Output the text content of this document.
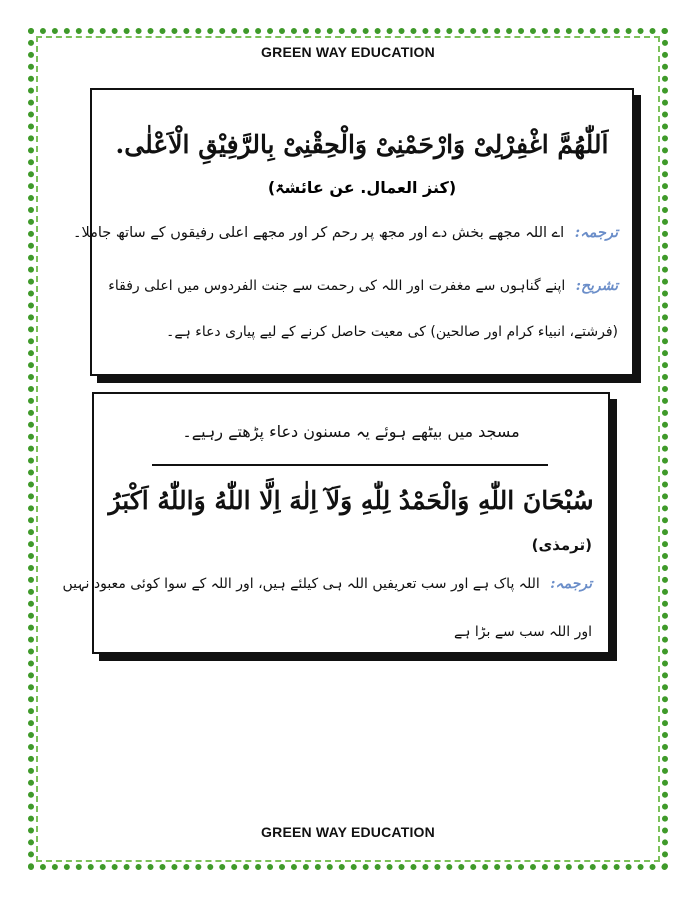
GREEN WAY EDUCATION
اَللّٰهُمَّ اغْفِرْلِیْ وَارْحَمْنِیْ وَالْحِقْنِیْ بِالرَّفِیْقِ الْاَعْلٰی.
(کنز العمال. عن عائشۃ)
ترجمہ: اے اللہ مجھے بخش دے اور مجھ پر رحم کر اور مجھے اعلی رفیقوں کے ساتھ جاملا۔
تشریح: اپنے گناہوں سے مغفرت اور اللہ کی رحمت سے جنت الفردوس میں اعلی رفقاء
(فرشتے، انبیاء کرام اور صالحین) کی معیت حاصل کرنے کے لیے پیاری دعاء ہے۔
مسجد میں بیٹھے ہوئے یہ مسنون دعاء پڑھتے رہیے۔
سُبْحَانَ اللّٰهِ وَالْحَمْدُ لِلّٰهِ وَلَآ اِلٰهَ اِلَّا اللّٰهُ وَاللّٰهُ اَكْبَرُ
(ترمذی)
ترجمہ: اللہ پاک ہے اور سب تعریفیں اللہ ہی کیلئے ہیں، اور اللہ کے سوا کوئی معبود نہیں
اور اللہ سب سے بڑا ہے
GREEN WAY EDUCATION
